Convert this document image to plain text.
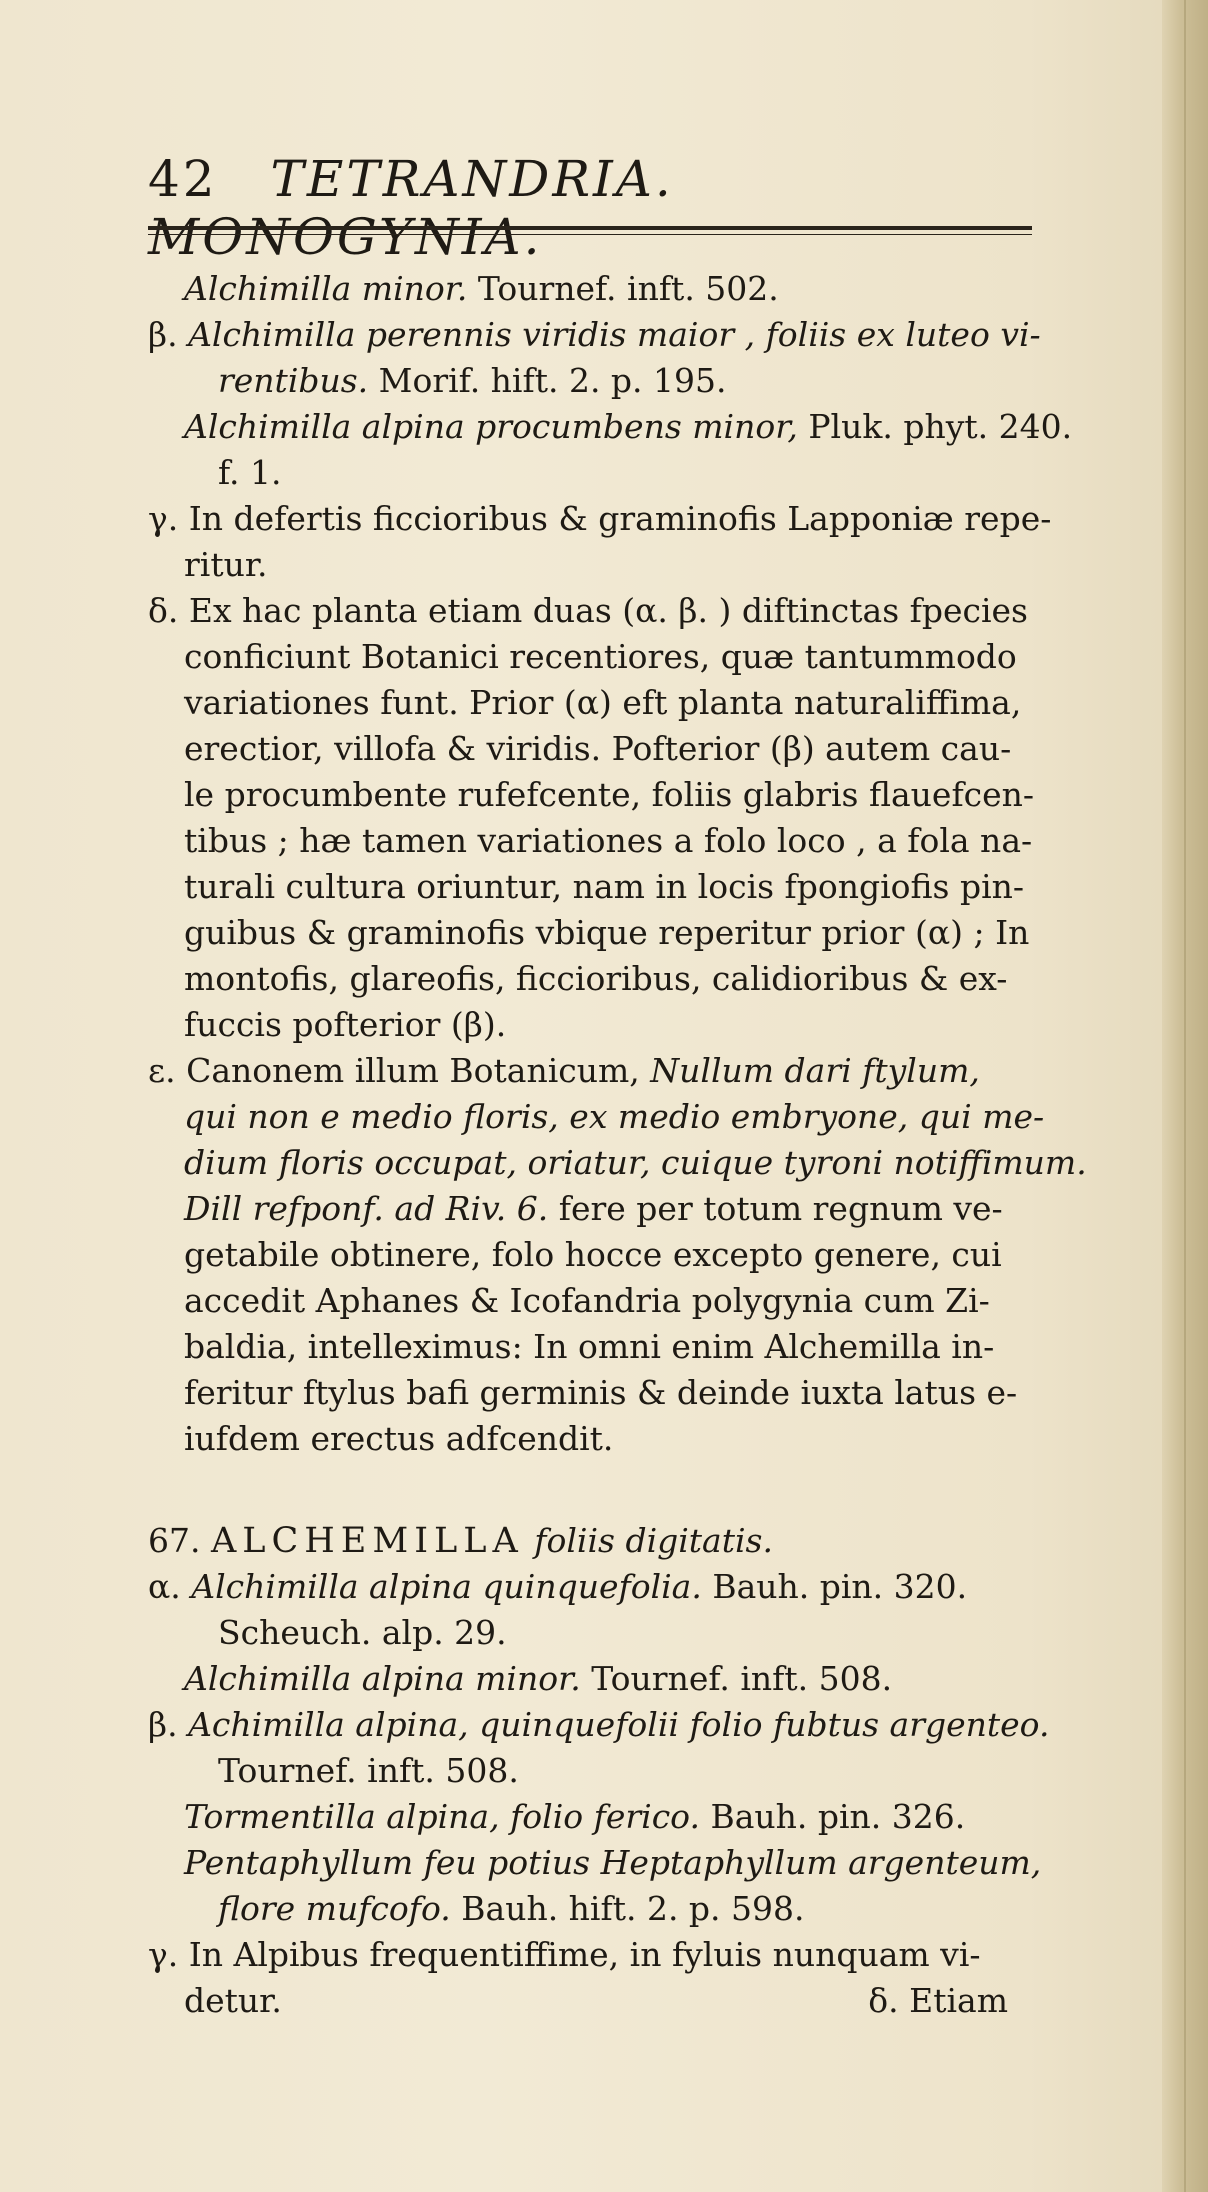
42 TETRANDRIA. MONOGYNIA.
Alchimilla minor. Tournef. inft. 502.
β. Alchimilla perennis viridis maior , foliis ex luteo vi-
rentibus. Morif. hift. 2. p. 195.
Alchimilla alpina procumbens minor, Pluk. phyt. 240.
f. 1.
γ. In defertis ficcioribus & graminofis Lapponiæ repe-
ritur.
δ. Ex hac planta etiam duas (α. β. ) diftinctas fpecies
conficiunt Botanici recentiores, quæ tantummodo
variationes funt. Prior (α) eft planta naturaliffima,
erectior, villofa & viridis. Pofterior (β) autem cau-
le procumbente rufefcente, foliis glabris flauefcen-
tibus ; hæ tamen variationes a folo loco , a fola na-
turali cultura oriuntur, nam in locis fpongiofis pin-
guibus & graminofis vbique reperitur prior (α) ; In
montofis, glareofis, ficcioribus, calidioribus & ex-
fuccis pofterior (β).
ε. Canonem illum Botanicum, Nullum dari ftylum,
qui non e medio floris, ex medio embryone, qui me-
dium floris occupat, oriatur, cuique tyroni notiffimum.
Dill refponf. ad Riv. 6. fere per totum regnum ve-
getabile obtinere, folo hocce excepto genere, cui
accedit Aphanes & Icofandria polygynia cum Zi-
baldia, intelleximus: In omni enim Alchemilla in-
feritur ftylus bafi germinis & deinde iuxta latus e-
iufdem erectus adfcendit.
67. ALCHEMILLA foliis digitatis.
α. Alchimilla alpina quinquefolia. Bauh. pin. 320.
Scheuch. alp. 29.
Alchimilla alpina minor. Tournef. inft. 508.
β. Achimilla alpina, quinquefolii folio fubtus argenteo.
Tournef. inft. 508.
Tormentilla alpina, folio ferico. Bauh. pin. 326.
Pentaphyllum feu potius Heptaphyllum argenteum,
flore mufcofo. Bauh. hift. 2. p. 598.
γ. In Alpibus frequentiffime, in fyluis nunquam vi-
detur.	δ. Etiam
